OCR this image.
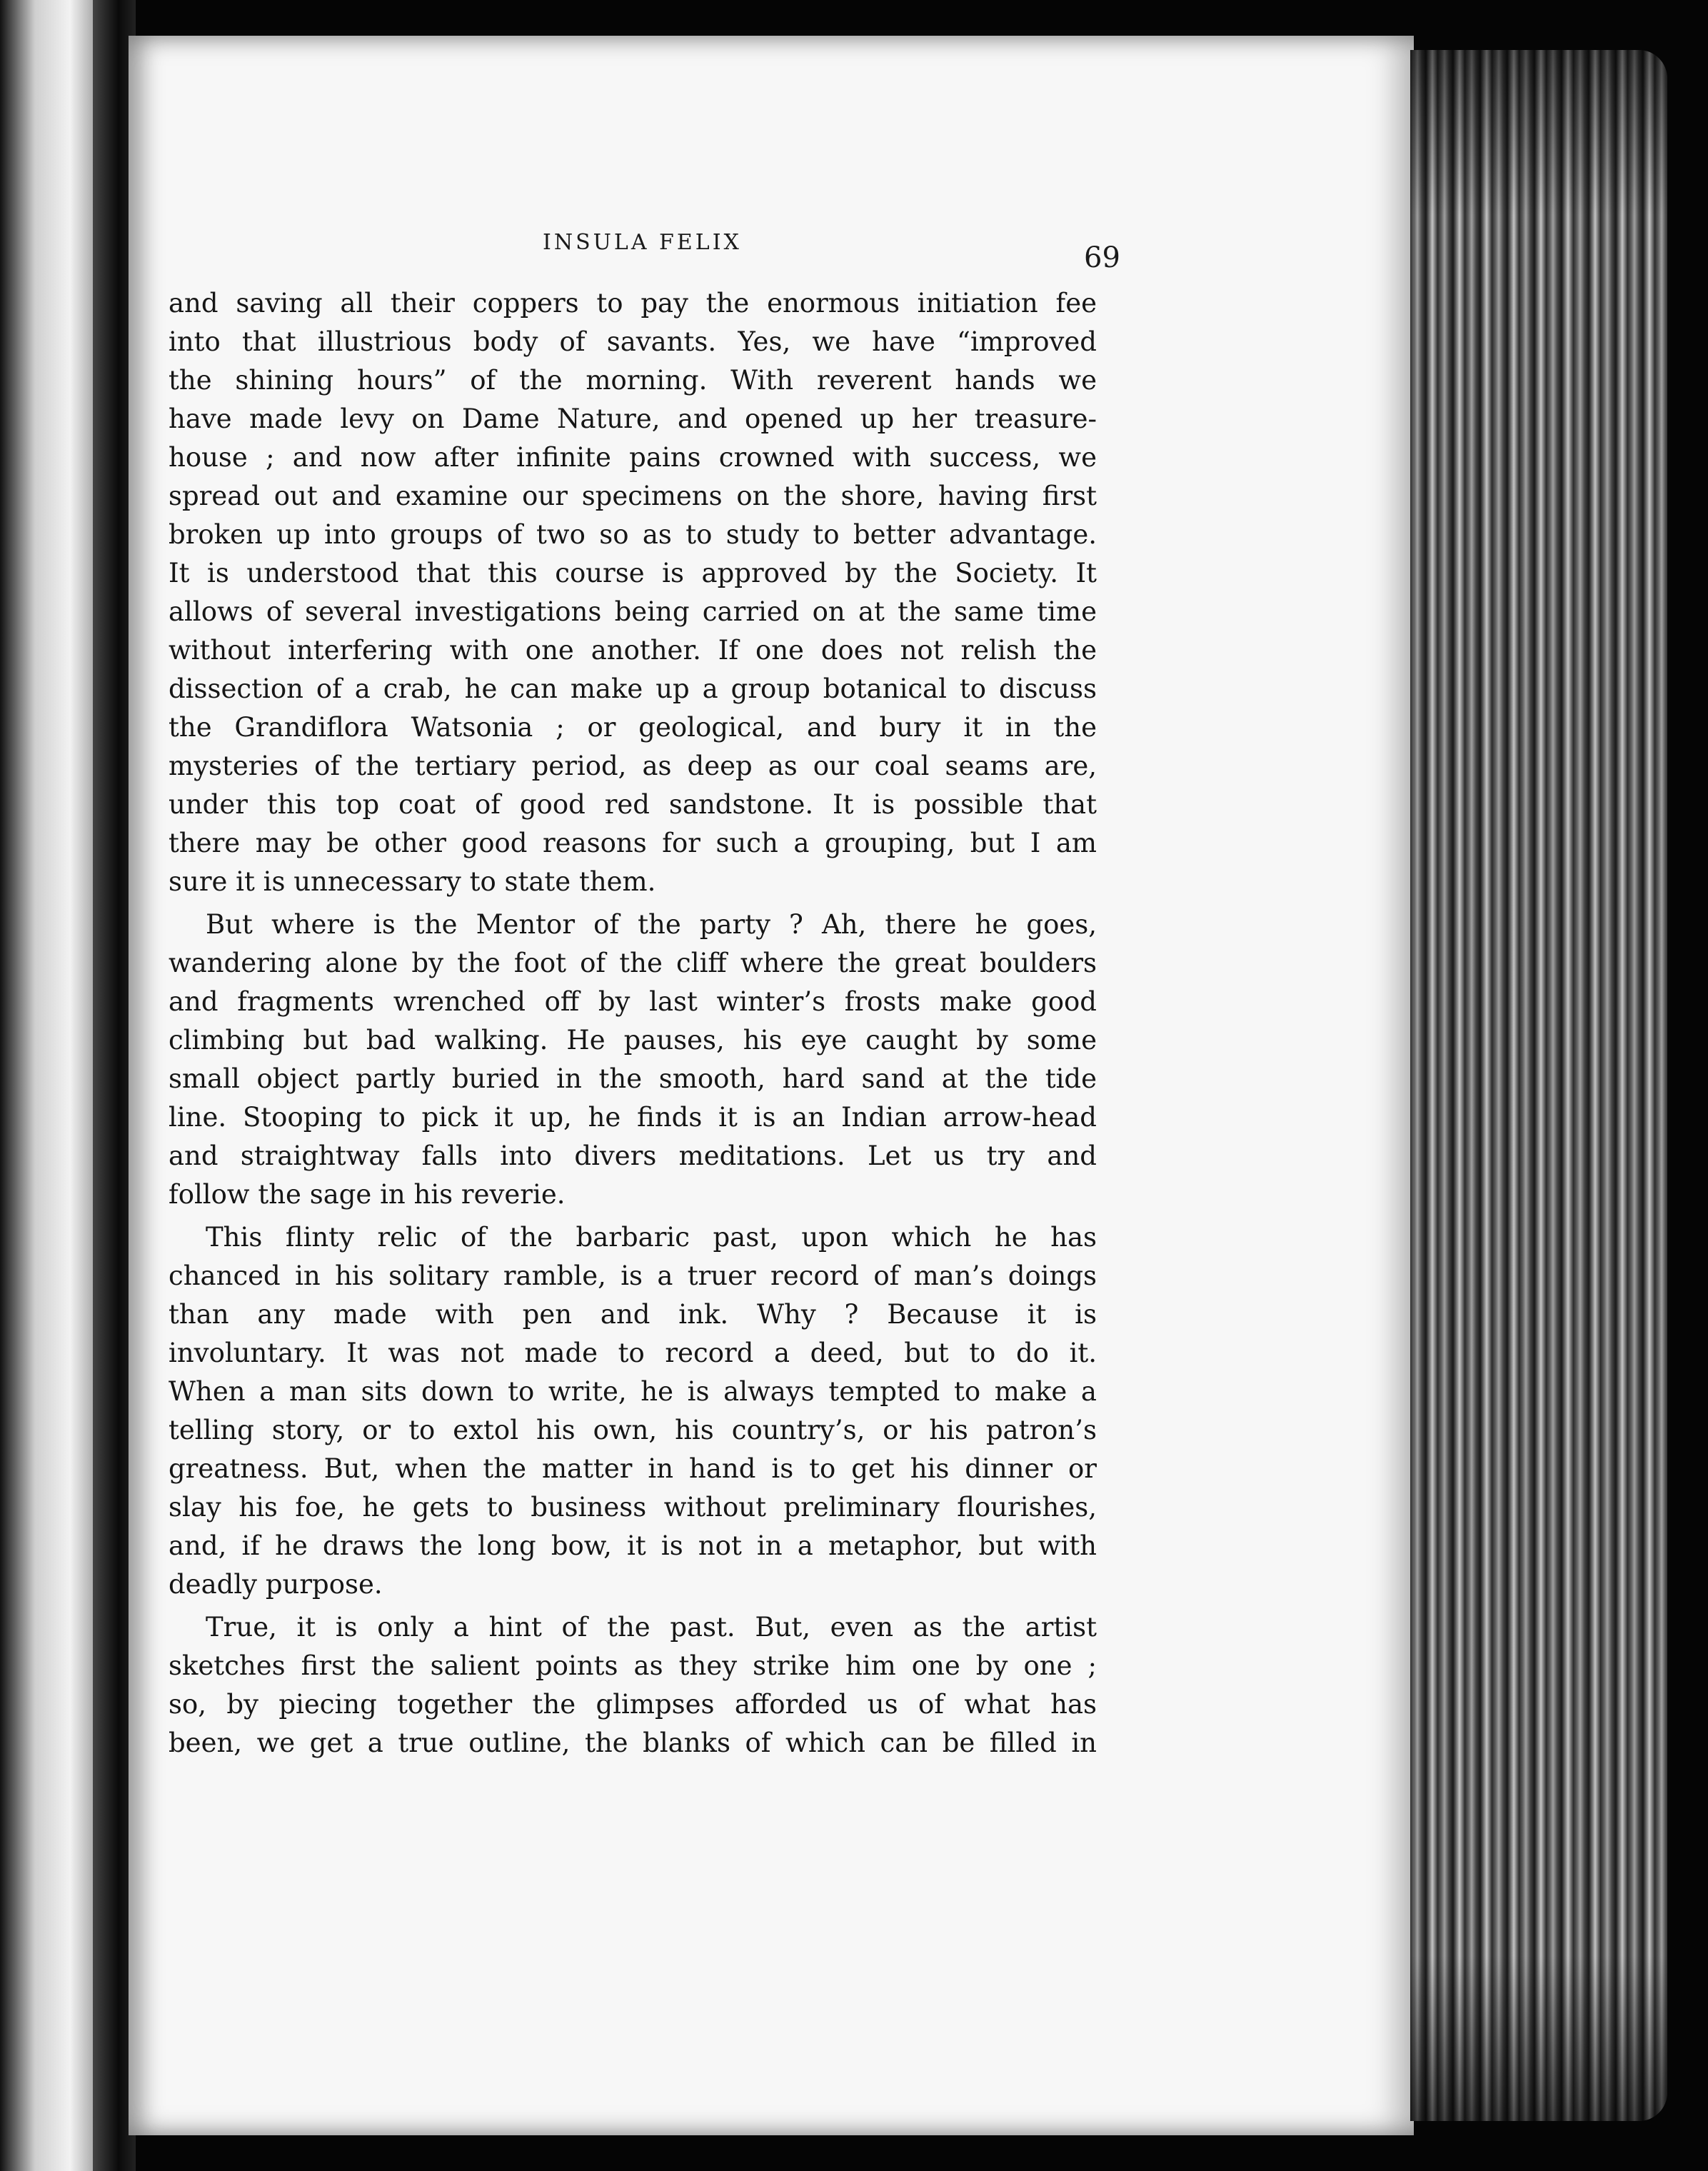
INSULA FELIX	69
and saving all their coppers to pay the enormous initiation fee
into that illustrious body of savants. Yes, we have “improved
the shining hours” of the morning. With reverent hands we
have made levy on Dame Nature, and opened up her treasure-
house ; and now after infinite pains crowned with success, we
spread out and examine our specimens on the shore, having first
broken up into groups of two so as to study to better advantage.
It is understood that this course is approved by the Society. It
allows of several investigations being carried on at the same time
without interfering with one another. If one does not relish the
dissection of a crab, he can make up a group botanical to discuss
the Grandiflora Watsonia ; or geological, and bury it in the
mysteries of the tertiary period, as deep as our coal seams are,
under this top coat of good red sandstone. It is possible that
there may be other good reasons for such a grouping, but I am
sure it is unnecessary to state them.
But where is the Mentor of the party ? Ah, there he goes,
wandering alone by the foot of the cliff where the great boulders
and fragments wrenched off by last winter’s frosts make good
climbing but bad walking. He pauses, his eye caught by some
small object partly buried in the smooth, hard sand at the tide
line. Stooping to pick it up, he finds it is an Indian arrow-head
and straightway falls into divers meditations. Let us try and
follow the sage in his reverie.
This flinty relic of the barbaric past, upon which he has
chanced in his solitary ramble, is a truer record of man’s doings
than any made with pen and ink. Why ? Because it is
involuntary. It was not made to record a deed, but to do it.
When a man sits down to write, he is always tempted to make a
telling story, or to extol his own, his country’s, or his patron’s
greatness. But, when the matter in hand is to get his dinner or
slay his foe, he gets to business without preliminary flourishes,
and, if he draws the long bow, it is not in a metaphor, but with
deadly purpose.
True, it is only a hint of the past. But, even as the artist
sketches first the salient points as they strike him one by one ;
so, by piecing together the glimpses afforded us of what has
been, we get a true outline, the blanks of which can be filled in
